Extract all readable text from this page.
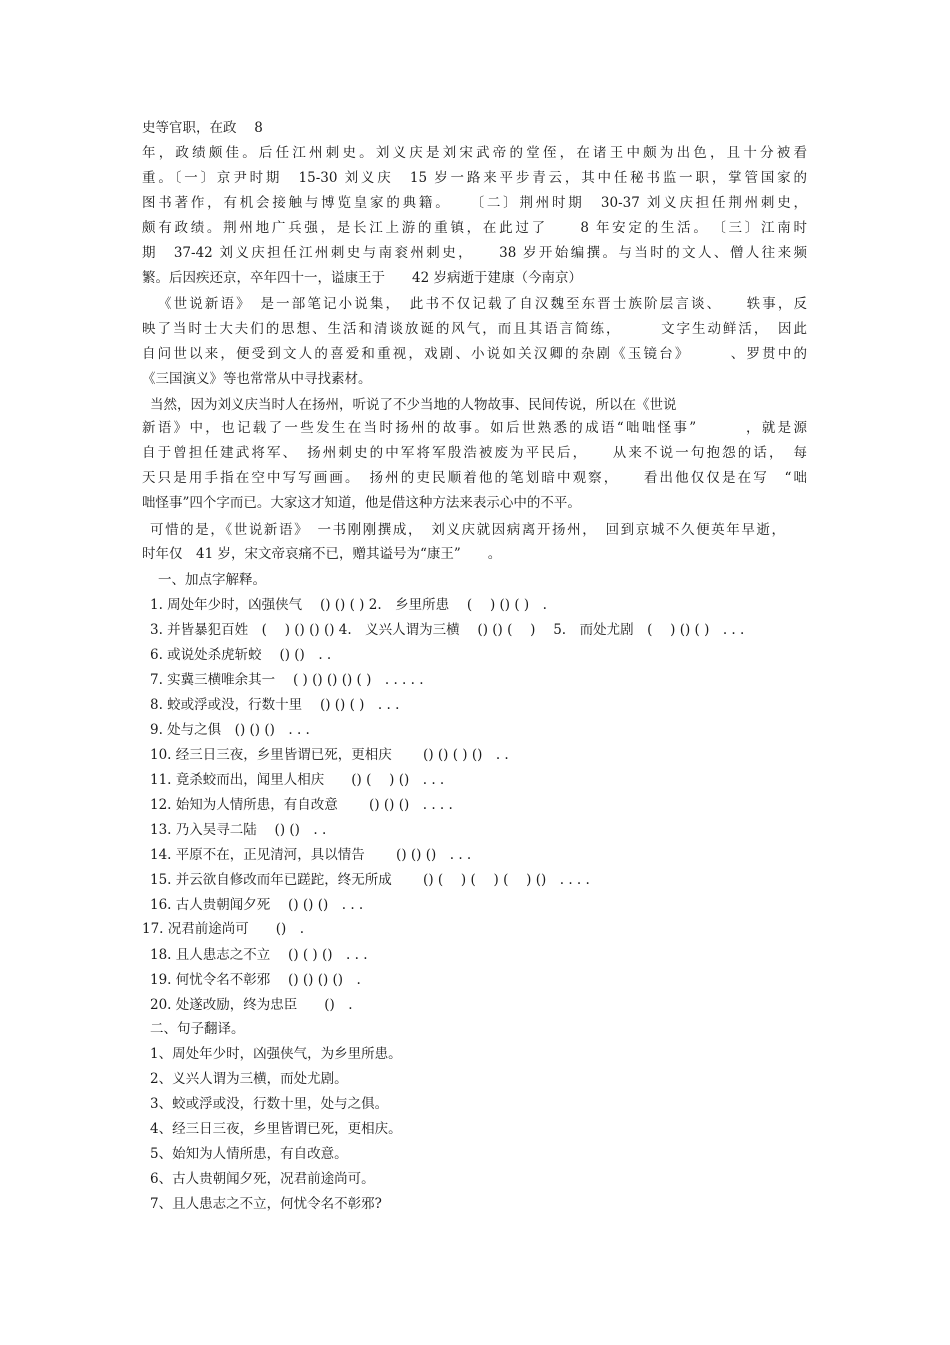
史等官职，在政　 8
年，政绩颇佳。后任江州刺史。刘义庆是刘宋武帝的堂侄，在诸王中颇为出色，且十分被看
重。〔一〕京尹时期　15-30 刘义庆　15 岁一路来平步青云，其中任秘书监一职，掌管国家的
图书著作，有机会接触与博览皇家的典籍。　　〔二〕荆州时期　30-37 刘义庆担任荆州刺史，
颇有政绩。荆州地广兵强，是长江上游的重镇，在此过了　　8 年安定的生活。　〔三〕江南时
期　37-42 刘义庆担任江州刺史与南衮州刺史，　　38 岁开始编撰。与当时的文人、僧人往来频
繁。后因疾还京，卒年四十一，谥康王于　　42 岁病逝于建康（今南京）
《世说新语》　是一部笔记小说集，　此书不仅记载了自汉魏至东晋士族阶层言谈、　　轶事，反
映了当时士大夫们的思想、生活和清谈放诞的风气，而且其语言简练，　　　文字生动鲜活，　因此
自问世以来，便受到文人的喜爱和重视，戏剧、小说如关汉卿的杂剧《玉镜台》　　　、罗贯中的
《三国演义》等也常常从中寻找素材。
当然，因为刘义庆当时人在扬州，听说了不少当地的人物故事、民间传说，所以在《世说
新语》中，也记载了一些发生在当时扬州的故事。如后世熟悉的成语“咄咄怪事”　　　，就是源
自于曾担任建武将军、　扬州刺史的中军将军殷浩被废为平民后，　　从来不说一句抱怨的话，　每
天只是用手指在空中写写画画。　扬州的吏民顺着他的笔划暗中观察，　　看出他仅仅是在写　“咄
咄怪事”四个字而已。大家这才知道，他是借这种方法来表示心中的不平。
可惜的是，《世说新语》　一书刚刚撰成，　刘义庆就因病离开扬州，　回到京城不久便英年早逝，
时年仅　41 岁，宋文帝哀痛不已，赠其谥号为“康王”　　。
一、加点字解释。
1. 周处年少时，凶强侠气　 () () ( ) 2.　乡里所患　 (　 ) () ( )　.
3. 并皆暴犯百姓　(　 ) () () () 4.　义兴人谓为三横　 () () (　 )　 5.　而处尤剧　(　 ) () ( )　. . .
6. 或说处杀虎斩蛟　 () ()　. .
7. 实冀三横唯余其一　 ( ) () () () ( )　. . . . .
8. 蛟或浮或没，行数十里　 () () ( )　. . .
9. 处与之俱　() () ()　. . .
10. 经三日三夜，乡里皆谓已死，更相庆　　 () () ( ) ()　. .
11. 竟杀蛟而出，闻里人相庆　　() (　 ) ()　. . .
12. 始知为人情所患，有自改意　　 () () ()　. . . .
13. 乃入吴寻二陆　 () ()　. .
14. 平原不在，正见清河，具以情告　　 () () ()　. . .
15. 并云欲自修改而年已蹉跎，终无所成　　 () (　 ) (　 ) (　 ) ()　. . . .
16. 古人贵朝闻夕死　 () () ()　. . .
17. 况君前途尚可　　()　.
18. 且人患志之不立　 () ( ) ()　. . .
19. 何忧令名不彰邪　 () () () ()　.
20. 处遂改励，终为忠臣　　()　.
二、句子翻译。
1、周处年少时，凶强侠气，为乡里所患。
2、义兴人谓为三横，而处尤剧。
3、蛟或浮或没，行数十里，处与之俱。
4、经三日三夜，乡里皆谓已死，更相庆。
5、始知为人情所患，有自改意。
6、古人贵朝闻夕死，况君前途尚可。
7、且人患志之不立，何忧令名不彰邪?
